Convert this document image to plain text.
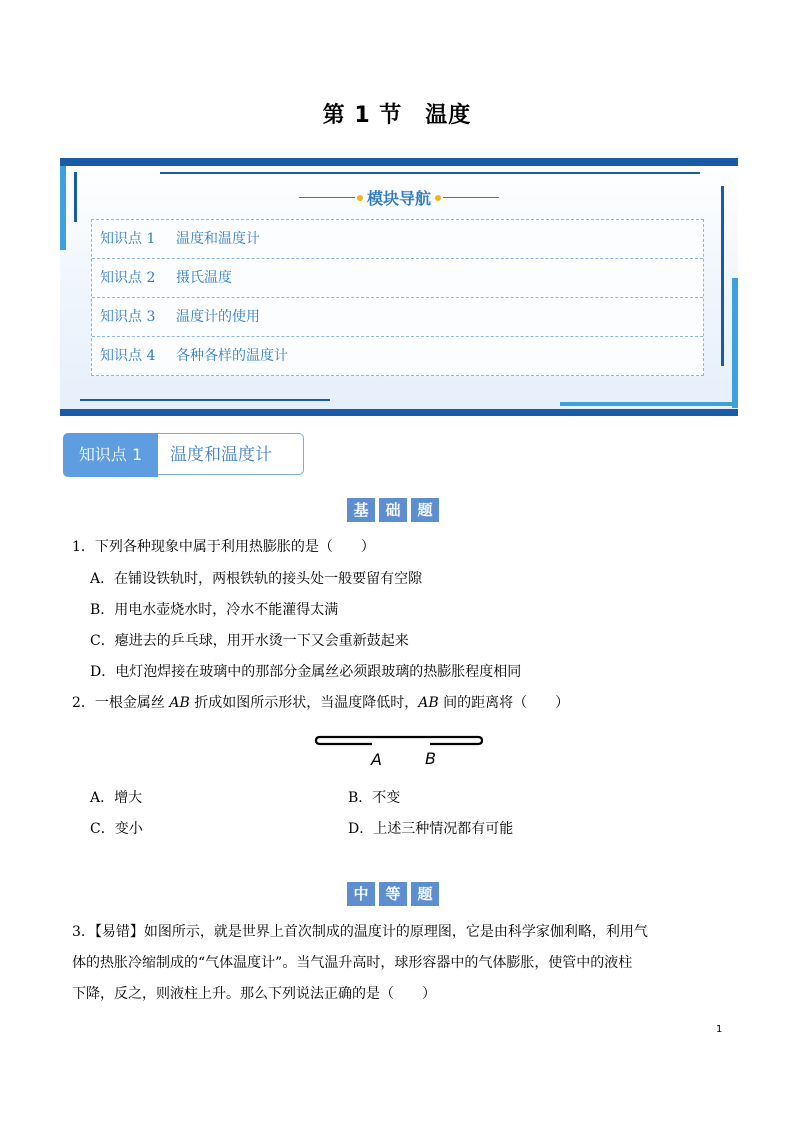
第 1 节　温度
模块导航
知识点 1 温度和温度计
知识点 2 摄氏温度
知识点 3 温度计的使用
知识点 4 各种各样的温度计
知识点 1	温度和温度计
基	础	题
1．下列各种现象中属于利用热膨胀的是（　　）
A．在铺设铁轨时，两根铁轨的接头处一般要留有空隙
B．用电水壶烧水时，冷水不能灌得太满
C．瘪进去的乒乓球，用开水烫一下又会重新鼓起来
D．电灯泡焊接在玻璃中的那部分金属丝必须跟玻璃的热膨胀程度相同
2．一根金属丝 AB 折成如图所示形状，当温度降低时，AB 间的距离将（　　）
A	B
A．增大	B．不变
C．变小	D．上述三种情况都有可能
中	等	题
3．【易错】如图所示，就是世界上首次制成的温度计的原理图，它是由科学家伽利略，利用气
体的热胀冷缩制成的“气体温度计”。当气温升高时，球形容器中的气体膨胀，使管中的液柱
下降，反之，则液柱上升。那么下列说法正确的是（　　）
1
